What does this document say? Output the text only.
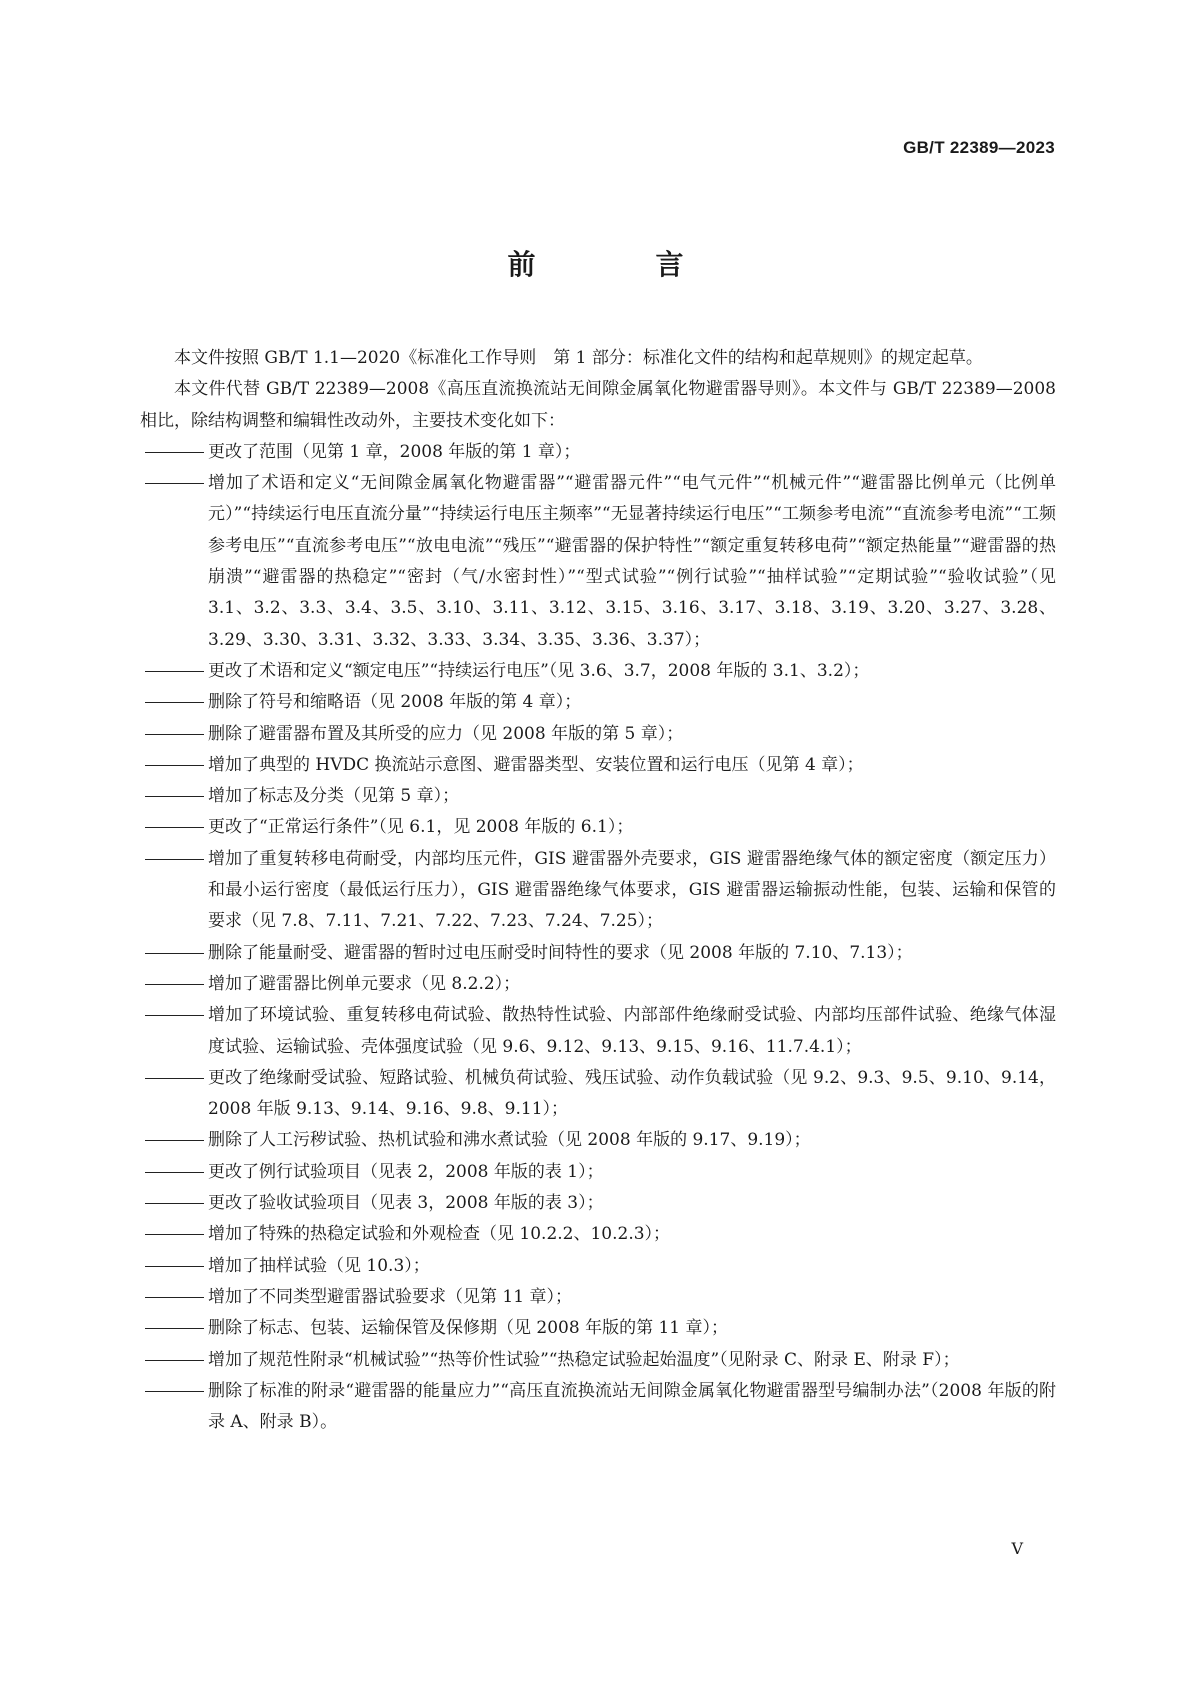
GB/T 22389—2023
前 言

本文件按照 GB/T 1.1—2020《标准化工作导则　第 1 部分：标准化文件的结构和起草规则》的规定起草。

本文件代替 GB/T 22389—2008《高压直流换流站无间隙金属氧化物避雷器导则》。本文件与 GB/T 22389—2008 相比，除结构调整和编辑性改动外，主要技术变化如下：

更改了范围（见第 1 章，2008 年版的第 1 章）；
增加了术语和定义“无间隙金属氧化物避雷器”“避雷器元件”“电气元件”“机械元件”“避雷器比例单元（比例单元）”“持续运行电压直流分量”“持续运行电压主频率”“无显著持续运行电压”“工频参考电流”“直流参考电流”“工频参考电压”“直流参考电压”“放电电流”“残压”“避雷器的保护特性”“额定重复转移电荷”“额定热能量”“避雷器的热崩溃”“避雷器的热稳定”“密封（气/水密封性）”“型式试验”“例行试验”“抽样试验”“定期试验”“验收试验”（见 3.1、3.2、3.3、3.4、3.5、3.10、3.11、3.12、3.15、3.16、3.17、3.18、3.19、3.20、3.27、3.28、3.29、3.30、3.31、3.32、3.33、3.34、3.35、3.36、3.37）；
更改了术语和定义“额定电压”“持续运行电压”（见 3.6、3.7，2008 年版的 3.1、3.2）；
删除了符号和缩略语（见 2008 年版的第 4 章）；
删除了避雷器布置及其所受的应力（见 2008 年版的第 5 章）；
增加了典型的 HVDC 换流站示意图、避雷器类型、安装位置和运行电压（见第 4 章）；
增加了标志及分类（见第 5 章）；
更改了“正常运行条件”（见 6.1，见 2008 年版的 6.1）；
增加了重复转移电荷耐受，内部均压元件，GIS 避雷器外壳要求，GIS 避雷器绝缘气体的额定密度（额定压力）和最小运行密度（最低运行压力），GIS 避雷器绝缘气体要求，GIS 避雷器运输振动性能，包装、运输和保管的要求（见 7.8、7.11、7.21、7.22、7.23、7.24、7.25）；
删除了能量耐受、避雷器的暂时过电压耐受时间特性的要求（见 2008 年版的 7.10、7.13）；
增加了避雷器比例单元要求（见 8.2.2）；
增加了环境试验、重复转移电荷试验、散热特性试验、内部部件绝缘耐受试验、内部均压部件试验、绝缘气体湿度试验、运输试验、壳体强度试验（见 9.6、9.12、9.13、9.15、9.16、11.7.4.1）；
更改了绝缘耐受试验、短路试验、机械负荷试验、残压试验、动作负载试验（见 9.2、9.3、9.5、9.10、9.14，2008 年版 9.13、9.14、9.16、9.8、9.11）；
删除了人工污秽试验、热机试验和沸水煮试验（见 2008 年版的 9.17、9.19）；
更改了例行试验项目（见表 2，2008 年版的表 1）；
更改了验收试验项目（见表 3，2008 年版的表 3）；
增加了特殊的热稳定试验和外观检查（见 10.2.2、10.2.3）；
增加了抽样试验（见 10.3）；
增加了不同类型避雷器试验要求（见第 11 章）；
删除了标志、包装、运输保管及保修期（见 2008 年版的第 11 章）；
增加了规范性附录“机械试验”“热等价性试验”“热稳定试验起始温度”（见附录 C、附录 E、附录 F）；
删除了标准的附录“避雷器的能量应力”“高压直流换流站无间隙金属氧化物避雷器型号编制办法”（2008 年版的附录 A、附录 B）。
V
